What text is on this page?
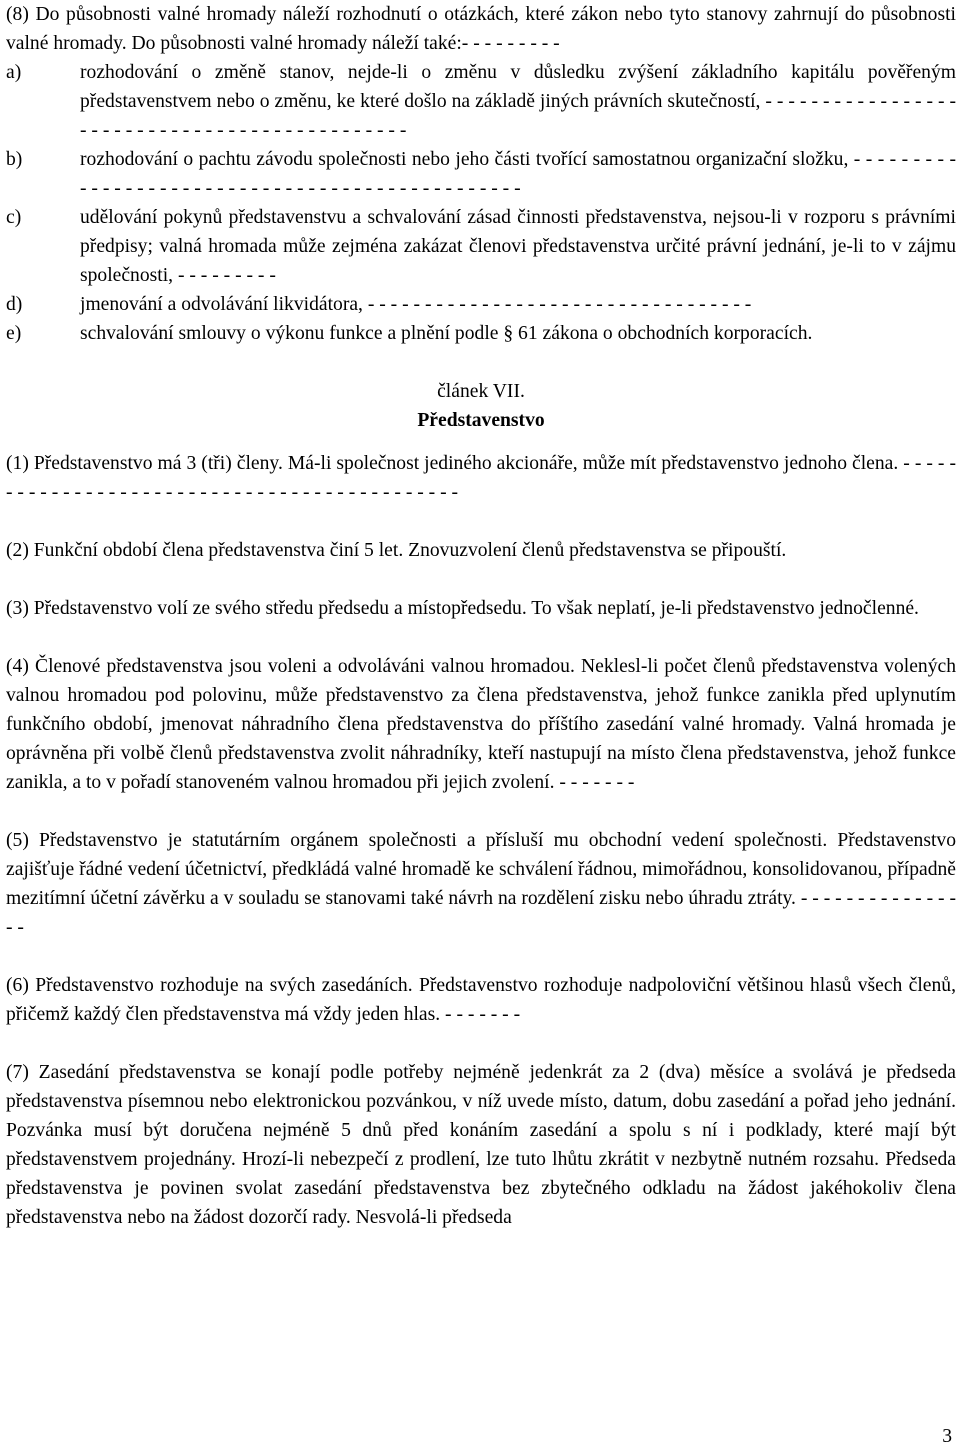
(8) Do působnosti valné hromady náleží rozhodnutí o otázkách, které zákon nebo tyto stanovy zahrnují do působnosti valné hromady. Do působnosti valné hromady náleží také:- - - - - - - - -

a)	rozhodování o změně stanov, nejde-li o změnu v důsledku zvýšení základního kapitálu pověřeným představenstvem nebo o změnu, ke které došlo na základě jiných právních skutečností, - - - - - - - - - - - - - - - - - - - - - - - - - - - - - - - - - - - - - - - - - - - - - -
b)	rozhodování o pachtu závodu společnosti nebo jeho části tvořící samostatnou organizační složku, - - - - - - - - - - - - - - - - - - - - - - - - - - - - - - - - - - - - - - - - - - - - - - - -
c)	udělování pokynů představenstvu a schvalování zásad činnosti představenstva, nejsou-li v rozporu s právními předpisy; valná hromada může zejména zakázat členovi představenstva určité právní jednání, je-li to v zájmu společnosti, - - - - - - - - -
d)	jmenování a odvolávání likvidátora, - - - - - - - - - - - - - - - - - - - - - - - - - - - - - - - - - -
e)	schvalování smlouvy o výkonu funkce a plnění podle § 61 zákona o obchodních korporacích.

článek VII.

Představenstvo

(1) Představenstvo má 3 (tři) členy. Má-li společnost jediného akcionáře, může mít představenstvo jednoho člena. - - - - - - - - - - - - - - - - - - - - - - - - - - - - - - - - - - - - - - - - - - - - -

(2) Funkční období člena představenstva činí 5 let. Znovuzvolení členů představenstva se připouští.

(3) Představenstvo volí ze svého středu předsedu a místopředsedu. To však neplatí, je-li představenstvo jednočlenné.

(4) Členové představenstva jsou voleni a odvoláváni valnou hromadou. Neklesl-li počet členů představenstva volených valnou hromadou pod polovinu, může představenstvo za člena představenstva, jehož funkce zanikla před uplynutím funkčního období, jmenovat náhradního člena představenstva do příštího zasedání valné hromady. Valná hromada je oprávněna při volbě členů představenstva zvolit náhradníky, kteří nastupují na místo člena představenstva, jehož funkce zanikla, a to v pořadí stanoveném valnou hromadou při jejich zvolení. - - - - - - -

(5) Představenstvo je statutárním orgánem společnosti a přísluší mu obchodní vedení společnosti. Představenstvo zajišťuje řádné vedení účetnictví, předkládá valné hromadě ke schválení řádnou, mimořádnou, konsolidovanou, případně mezitímní účetní závěrku a v souladu se stanovami také návrh na rozdělení zisku nebo úhradu ztráty. - - - - - - - - - - - - - - - -

(6) Představenstvo rozhoduje na svých zasedáních. Představenstvo rozhoduje nadpoloviční většinou hlasů všech členů, přičemž každý člen představenstva má vždy jeden hlas. - - - - - - -

(7) Zasedání představenstva se konají podle potřeby nejméně jedenkrát za 2 (dva) měsíce a svolává je předseda představenstva písemnou nebo elektronickou pozvánkou, v níž uvede místo, datum, dobu zasedání a pořad jeho jednání. Pozvánka musí být doručena nejméně 5 dnů před konáním zasedání a spolu s ní i podklady, které mají být představenstvem projednány. Hrozí-li nebezpečí z prodlení, lze tuto lhůtu zkrátit v nezbytně nutném rozsahu. Předseda představenstva je povinen svolat zasedání představenstva bez zbytečného odkladu na žádost jakéhokoliv člena představenstva nebo na žádost dozorčí rady. Nesvolá-li předseda

3
